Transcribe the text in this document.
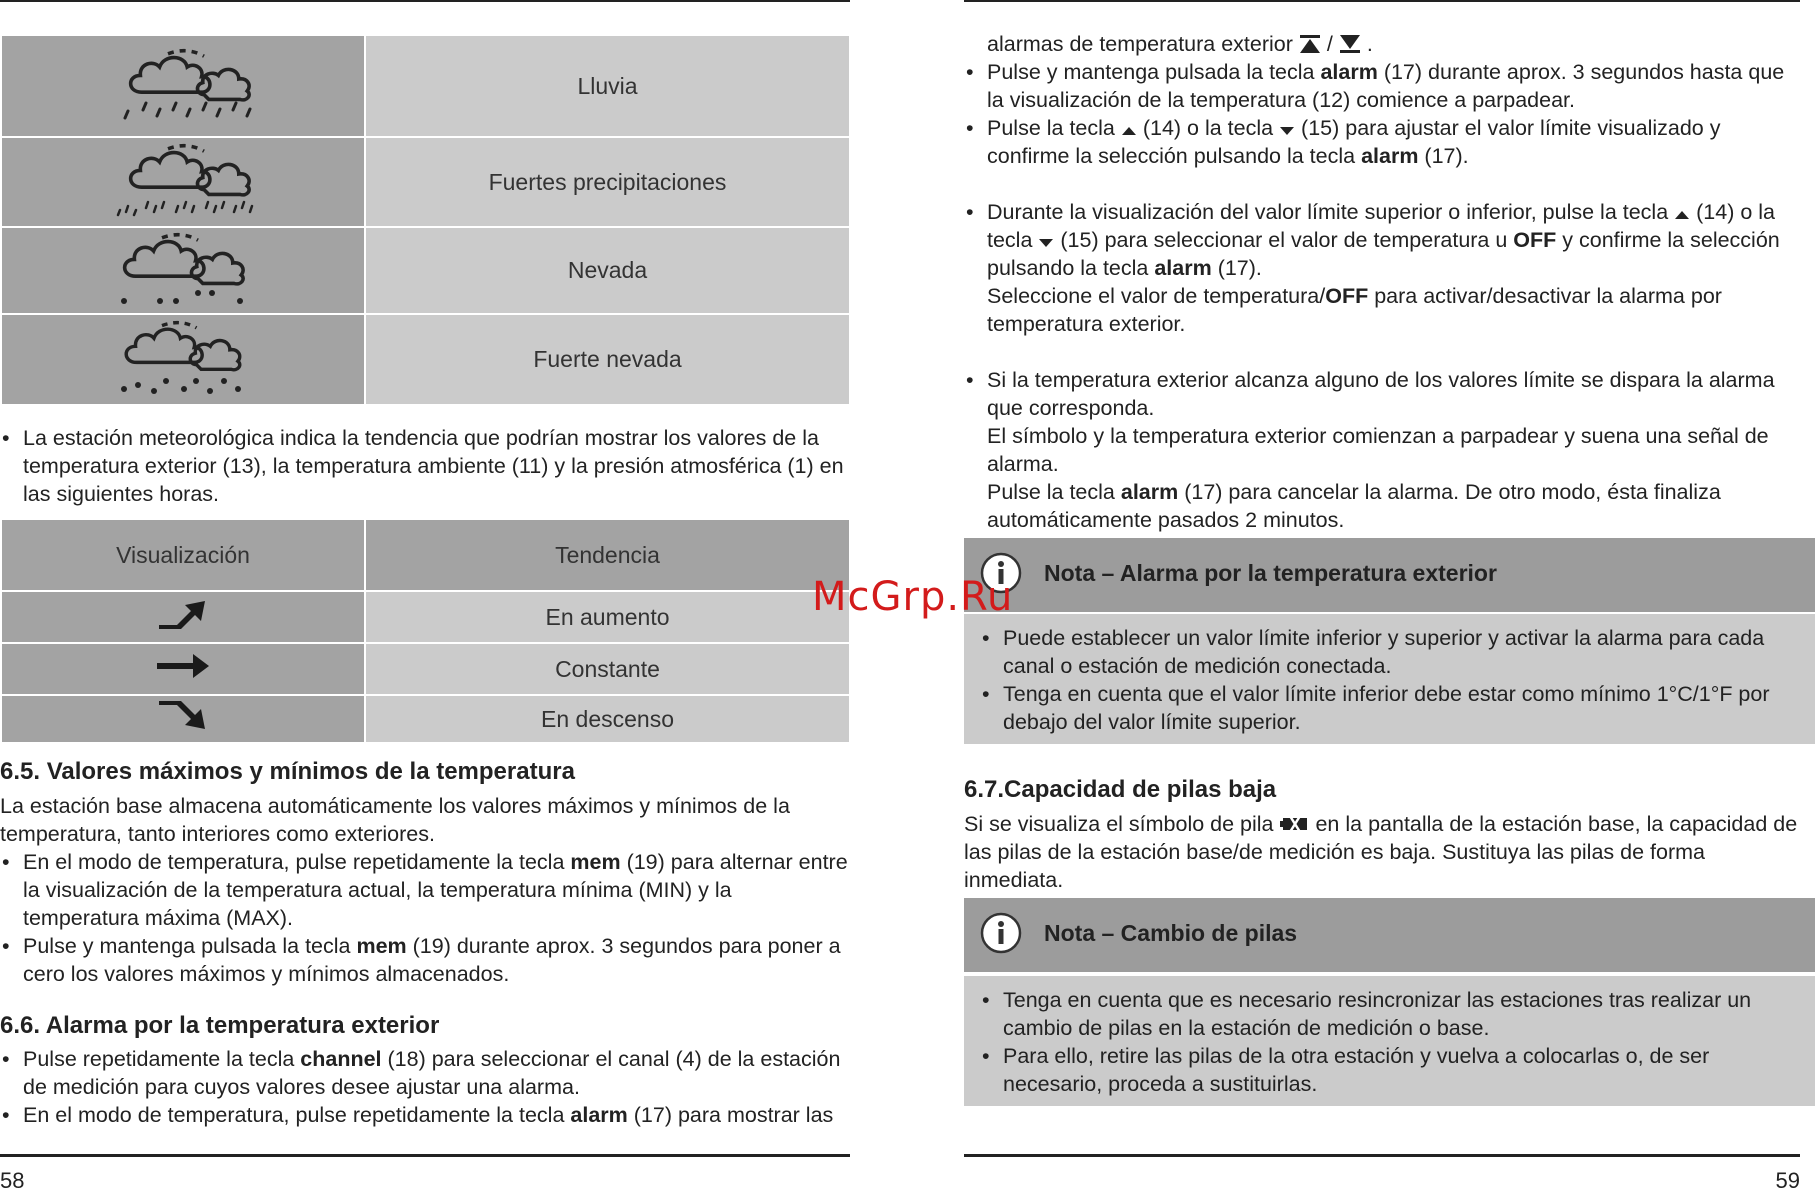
	Lluvia
	Fuertes precipitaciones
	Nevada
	Fuerte nevada
• La estación meteorológica indica la tendencia que podrían mostrar los valores de la temperatura exterior (13), la temperatura ambiente (11) y la presión atmosférica (1) en las siguientes horas.
Visualización	Tendencia
	En aumento
	Constante
	En descenso
6.5. Valores máximos y mínimos de la temperatura

La estación base almacena automáticamente los valores máximos y mínimos de la temperatura, tanto interiores como exteriores.

• En el modo de temperatura, pulse repetidamente la tecla mem (19) para alternar entre la visualización de la temperatura actual, la temperatura mínima (MIN) y la temperatura máxima (MAX).
• Pulse y mantenga pulsada la tecla mem (19) durante aprox. 3 segundos para poner a cero los valores máximos y mínimos almacenados.
6.6. Alarma por la temperatura exterior
• Pulse repetidamente la tecla channel (18) para seleccionar el canal (4) de la estación de medición para cuyos valores desee ajustar una alarma.
• En el modo de temperatura, pulse repetidamente la tecla alarm (17) para mostrar las
58

alarmas de temperatura exterior / .

• Pulse y mantenga pulsada la tecla alarm (17) durante aprox. 3 segundos hasta que la visualización de la temperatura (12) comience a parpadear.
• Pulse la tecla  (14) o la tecla  (15) para ajustar el valor límite visualizado y confirme la selección pulsando la tecla alarm (17).
• Durante la visualización del valor límite superior o inferior, pulse la tecla  (14) o la tecla  (15) para seleccionar el valor de temperatura u OFF y confirme la selección pulsando la tecla alarm (17).
Seleccione el valor de temperatura/OFF para activar/desactivar la alarma por temperatura exterior.
• Si la temperatura exterior alcanza alguno de los valores límite se dispara la alarma que corresponda.
El símbolo y la temperatura exterior comienzan a parpadear y suena una señal de alarma.
Pulse la tecla alarm (17) para cancelar la alarma. De otro modo, ésta finaliza automáticamente pasados 2 minutos.
Nota – Alarma por la temperatura exterior
• Puede establecer un valor límite inferior y superior y activar la alarma para cada canal o estación de medición conectada.
• Tenga en cuenta que el valor límite inferior debe estar como mínimo 1°C/1°F por debajo del valor límite superior.
6.7.Capacidad de pilas baja

Si se visualiza el símbolo de pila  en la pantalla de la estación base, la capacidad de las pilas de la estación base/de medición es baja. Sustituya las pilas de forma inmediata.

Nota – Cambio de pilas
• Tenga en cuenta que es necesario resincronizar las estaciones tras realizar un cambio de pilas en la estación de medición o base.
• Para ello, retire las pilas de la otra estación y vuelva a colocarlas o, de ser necesario, proceda a sustituirlas.
59
McGrp.Ru
